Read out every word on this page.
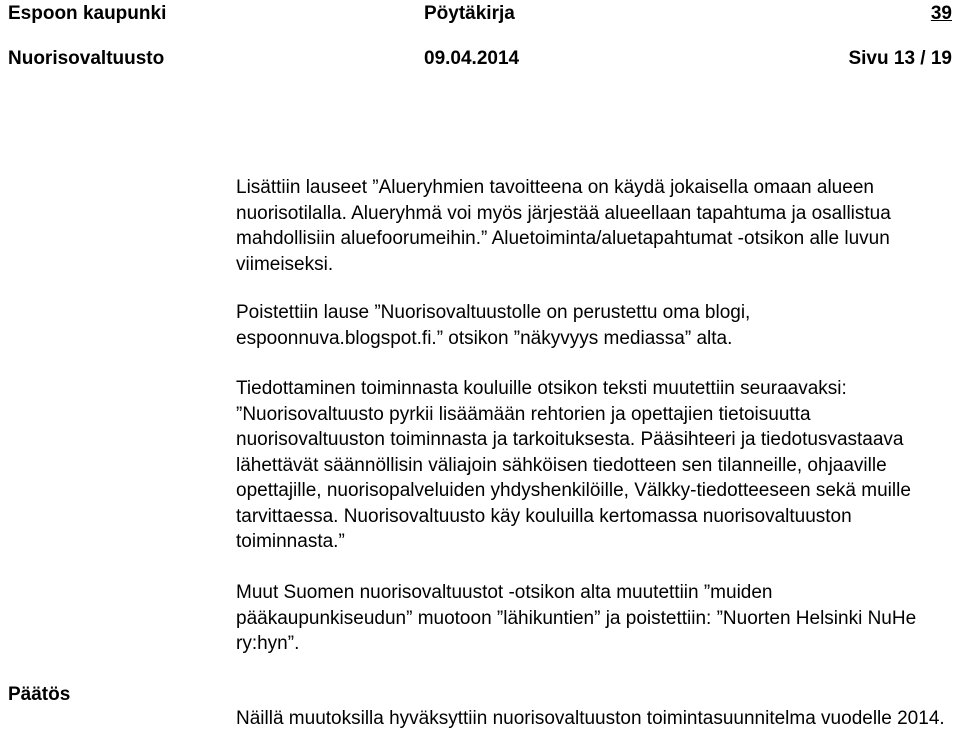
Espoon kaupunki	Pöytäkirja	39
Nuorisovaltuusto	09.04.2014	Sivu 13 / 19

Lisättiin lauseet ”Alueryhmien tavoitteena on käydä jokaisella omaan alueen nuorisotilalla. Alueryhmä voi myös järjestää alueellaan tapahtuma ja osallistua mahdollisiin aluefoorumeihin.” Aluetoiminta/aluetapahtumat -otsikon alle luvun viimeiseksi.

Poistettiin lause ”Nuorisovaltuustolle on perustettu oma blogi, espoonnuva.blogspot.fi.” otsikon ”näkyvyys mediassa” alta.

Tiedottaminen toiminnasta kouluille otsikon teksti muutettiin seuraavaksi: ”Nuorisovaltuusto pyrkii lisäämään rehtorien ja opettajien tietoisuutta nuorisovaltuuston toiminnasta ja tarkoituksesta. Pääsihteeri ja tiedotusvastaava lähettävät säännöllisin väliajoin sähköisen tiedotteen sen tilanneille, ohjaaville opettajille, nuorisopalveluiden yhdyshenkilöille, Välkky-tiedotteeseen sekä muille tarvittaessa. Nuorisovaltuusto käy kouluilla kertomassa nuorisovaltuuston toiminnasta.”

Muut Suomen nuorisovaltuustot -otsikon alta muutettiin ”muiden pääkaupunkiseudun” muotoon ”lähikuntien” ja poistettiin: ”Nuorten Helsinki NuHe ry:hyn”.

Päätös

Näillä muutoksilla hyväksyttiin nuorisovaltuuston toimintasuunnitelma vuodelle 2014.
